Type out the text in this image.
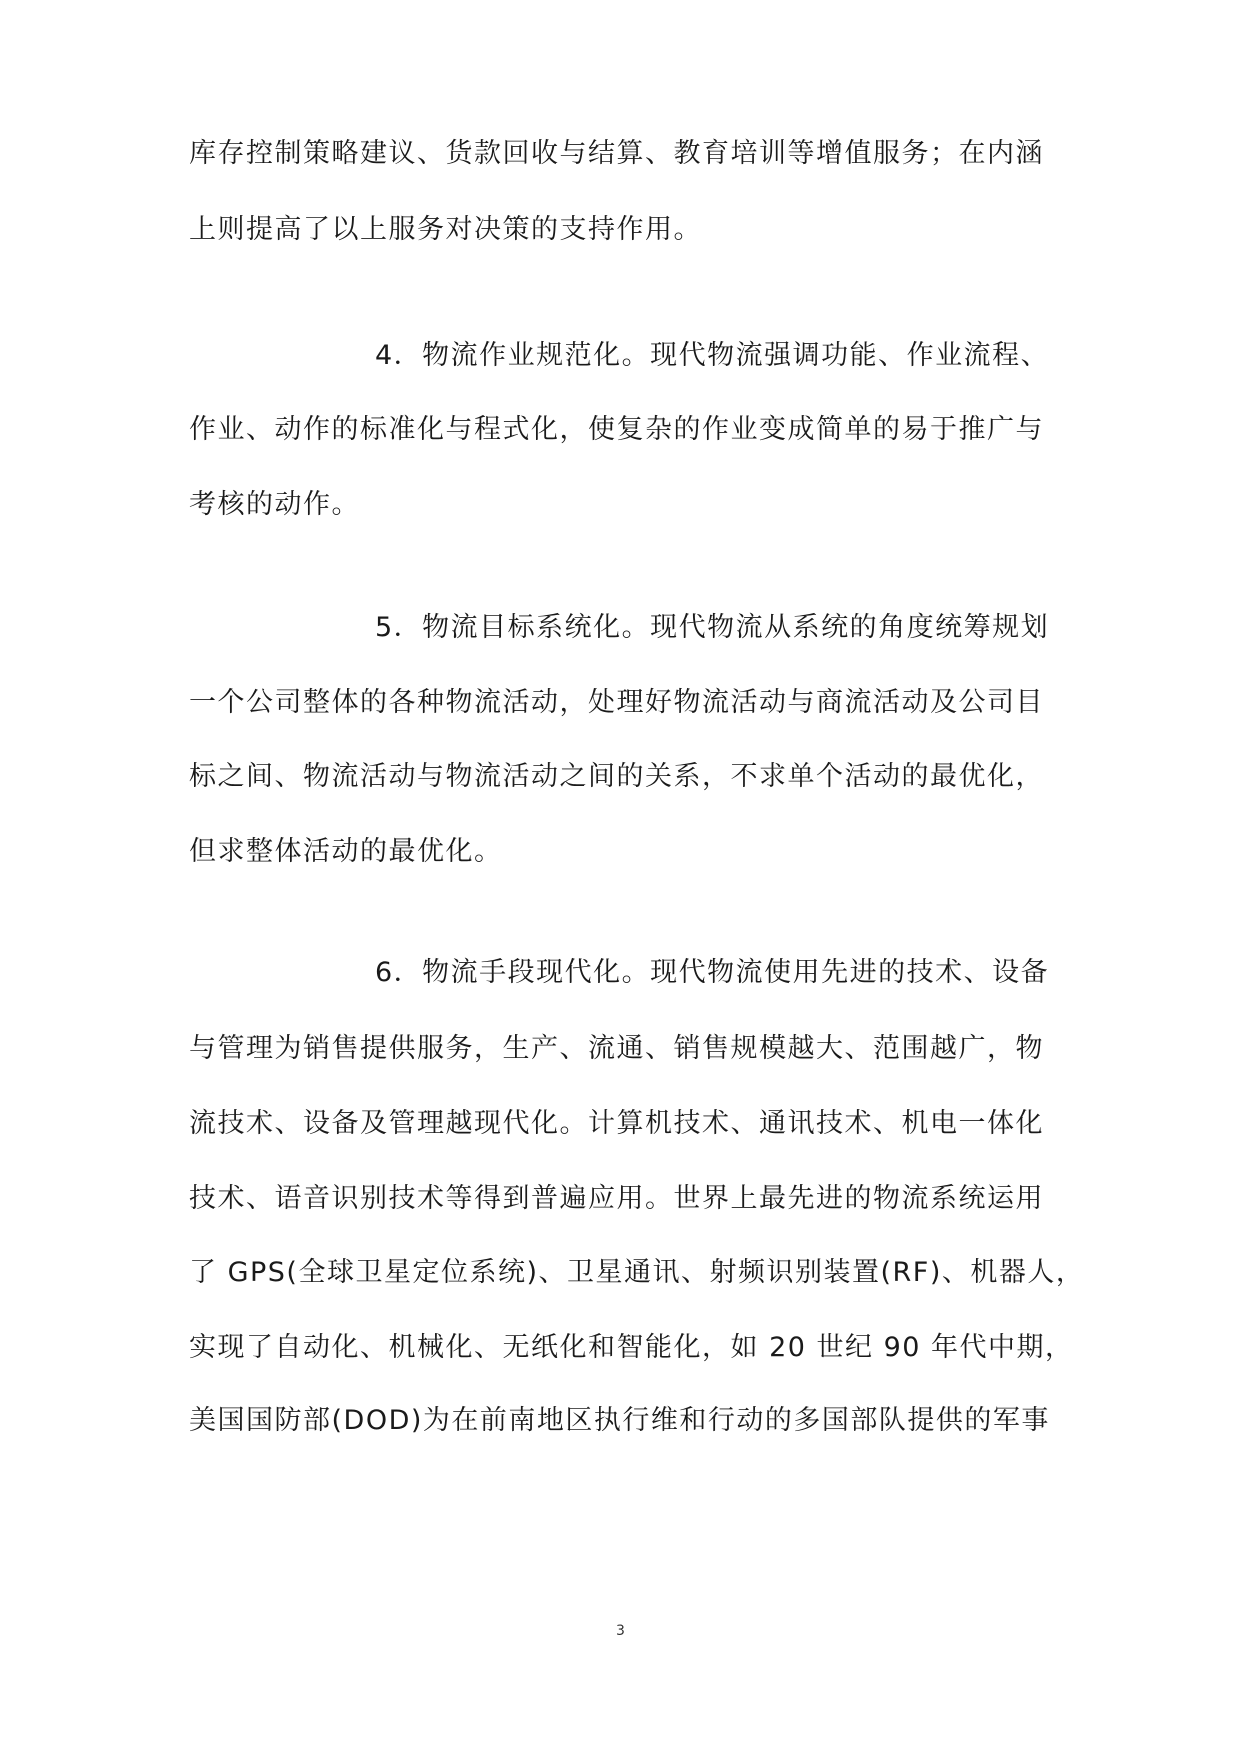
库存控制策略建议、货款回收与结算、教育培训等增值服务；在内涵
上则提高了以上服务对决策的支持作用。
4．物流作业规范化。现代物流强调功能、作业流程、
作业、动作的标准化与程式化，使复杂的作业变成简单的易于推广与
考核的动作。
5．物流目标系统化。现代物流从系统的角度统筹规划
一个公司整体的各种物流活动，处理好物流活动与商流活动及公司目
标之间、物流活动与物流活动之间的关系，不求单个活动的最优化，
但求整体活动的最优化。
6．物流手段现代化。现代物流使用先进的技术、设备
与管理为销售提供服务，生产、流通、销售规模越大、范围越广，物
流技术、设备及管理越现代化。计算机技术、通讯技术、机电一体化
技术、语音识别技术等得到普遍应用。世界上最先进的物流系统运用
了 GPS(全球卫星定位系统)、卫星通讯、射频识别装置(RF)、机器人，
实现了自动化、机械化、无纸化和智能化，如 20 世纪 90 年代中期，
美国国防部(DOD)为在前南地区执行维和行动的多国部队提供的军事
3
